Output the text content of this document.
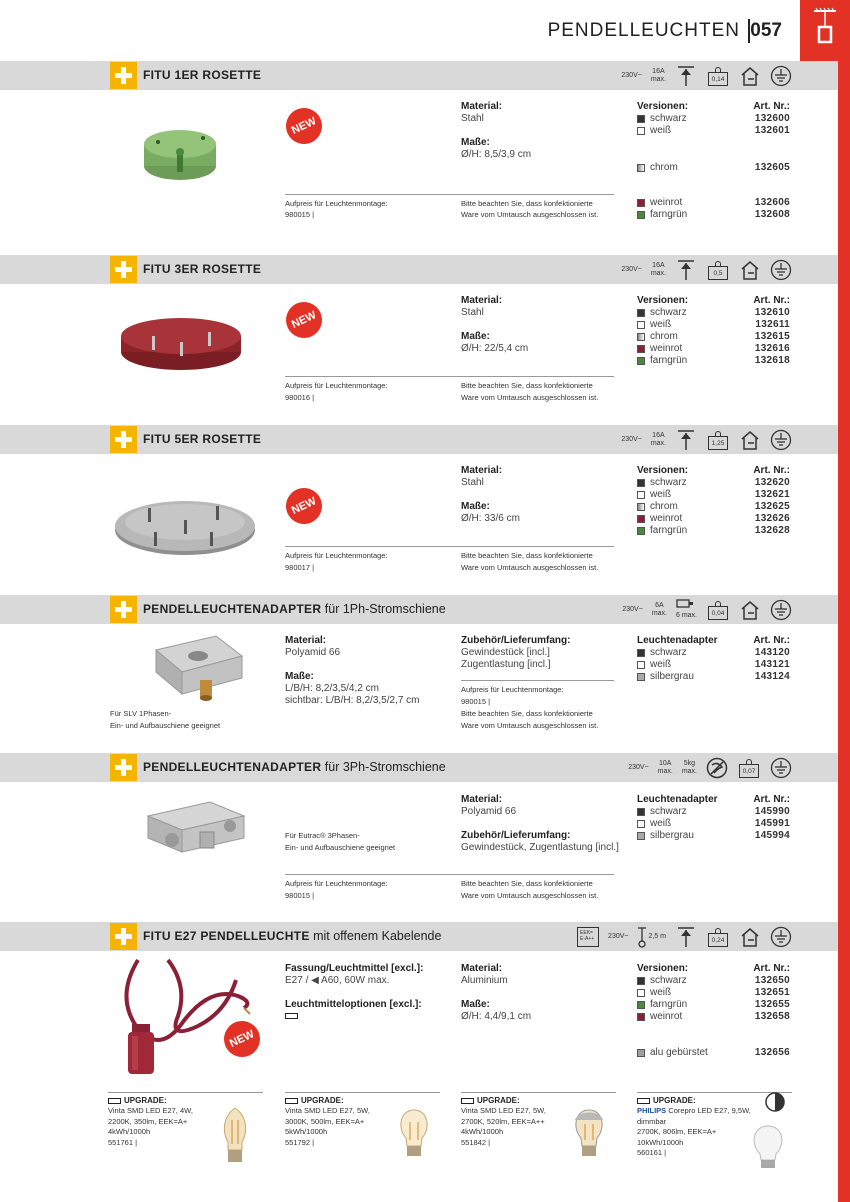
PENDELLEUCHTEN 057
FITU 1ER ROSETTE	230V~
16A
max.	0,14
NEW
Material:
Stahl
Maße:
Ø/H: 8,5/3,9 cm
Aufpreis für Leuchtenmontage:
980015 |
Bitte beachten Sie, dass konfektionierte
Ware vom Umtausch ausgeschlossen ist.
Versionen:	Art. Nr.:
schwarz	132600
weiß	132601
chrom	132605
weinrot	132606
farngrün	132608
FITU 3ER ROSETTE	230V~
16A
max.	0,5
NEW
Material:
Stahl
Maße:
Ø/H: 22/5,4 cm
Aufpreis für Leuchtenmontage:
980016 |
Bitte beachten Sie, dass konfektionierte
Ware vom Umtausch ausgeschlossen ist.
Versionen:	Art. Nr.:
schwarz	132610
weiß	132611
chrom	132615
weinrot	132616
farngrün	132618
FITU 5ER ROSETTE	230V~
16A
max.	1,25
NEW
Material:
Stahl
Maße:
Ø/H: 33/6 cm
Aufpreis für Leuchtenmontage:
980017 |
Bitte beachten Sie, dass konfektionierte
Ware vom Umtausch ausgeschlossen ist.
Versionen:	Art. Nr.:
schwarz	132620
weiß	132621
chrom	132625
weinrot	132626
farngrün	132628
PENDELLEUCHTENADAPTER für 1Ph-Stromschiene	230V~
6A
max. 6 max.	0,04
Für SLV 1Phasen-
Ein- und Aufbauschiene geeignet
Material:
Polyamid 66
Maße:
L/B/H: 8,2/3,5/4,2 cm
sichtbar: L/B/H: 8,2/3,5/2,7 cm
Zubehör/Lieferumfang:
Gewindestück [incl.]
Zugentlastung [incl.]
Aufpreis für Leuchtenmontage:
980015 |
Bitte beachten Sie, dass konfektionierte
Ware vom Umtausch ausgeschlossen ist.
Leuchtenadapter	Art. Nr.:
schwarz	143120
weiß	143121
silbergrau	143124
PENDELLEUCHTENADAPTER für 3Ph-Stromschiene	230V~
10A
max.
5kg
max.	0,07
Für Eutrac® 3Phasen-
Ein- und Aufbauschiene geeignet
Material:
Polyamid 66
Zubehör/Lieferumfang:
Gewindestück, Zugentlastung [incl.]
Aufpreis für Leuchtenmontage:
980015 |
Bitte beachten Sie, dass konfektionierte
Ware vom Umtausch ausgeschlossen ist.
Leuchtenadapter	Art. Nr.:
schwarz	145990
weiß	145991
silbergrau	145994
FITU E27 PENDELLEUCHTE mit offenem Kabelende	EEK= E-A++	230V~	2,5 m
0,24
NEW
Fassung/Leuchtmittel [excl.]:
E27 / ◀ A60, 60W max.
Leuchtmitteloptionen [excl.]:
Material:
Aluminium
Maße:
Ø/H: 4,4/9,1 cm
Versionen:	Art. Nr.:
schwarz	132650
weiß	132651
farngrün	132655
weinrot	132658
alu gebürstet	132656
UPGRADE:
Vinta SMD LED E27, 4W,
2200K, 350lm, EEK=A+
4kWh/1000h
551761 |
UPGRADE:
Vinta SMD LED E27, 5W,
3000K, 500lm, EEK=A+
5kWh/1000h
551792 |
UPGRADE:
Vinta SMD LED E27, 5W,
2700K, 520lm, EEK=A++
4kWh/1000h
551842 |
UPGRADE:
PHILIPS Corepro LED E27, 9,5W,
dimmbar
2700K, 806lm, EEK=A+
10kWh/1000h
560161 |
